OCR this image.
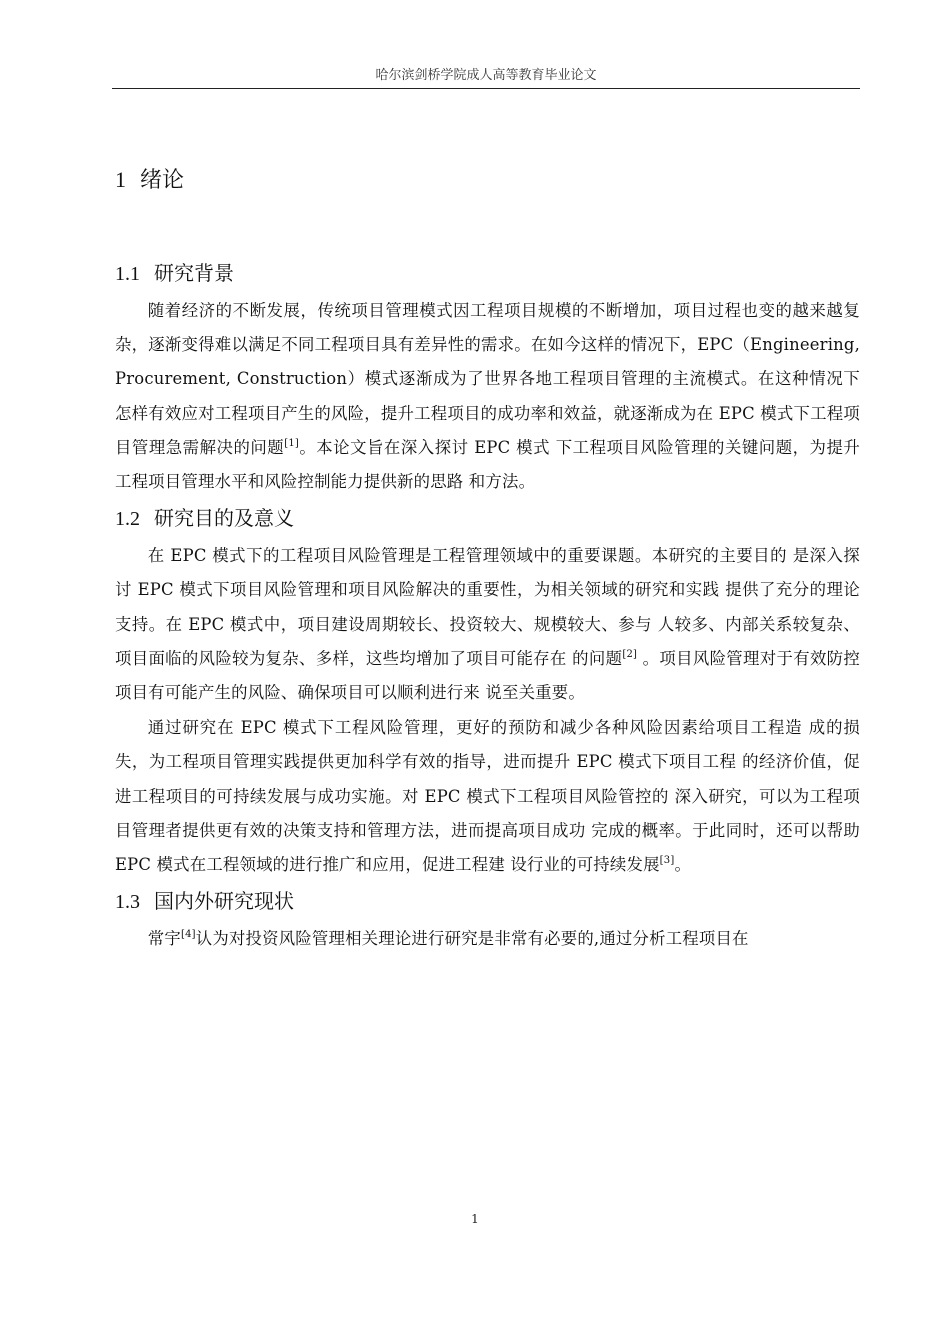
哈尔滨剑桥学院成人高等教育毕业论文
1 绪论
1.1 研究背景

随着经济的不断发展，传统项目管理模式因工程项目规模的不断增加，项目过程也变的越来越复杂，逐渐变得难以满足不同工程项目具有差异性的需求。在如今这样的情况下，EPC（Engineering, Procurement, Construction）模式逐渐成为了世界各地工程项目管理的主流模式。在这种情况下怎样有效应对工程项目产生的风险，提升工程项目的成功率和效益，就逐渐成为在 EPC 模式下工程项目管理急需解决的问题[1]。本论文旨在深入探讨 EPC 模式 下工程项目风险管理的关键问题，为提升工程项目管理水平和风险控制能力提供新的思路 和方法。

1.2 研究目的及意义

在 EPC 模式下的工程项目风险管理是工程管理领域中的重要课题。本研究的主要目的 是深入探讨 EPC 模式下项目风险管理和项目风险解决的重要性，为相关领域的研究和实践 提供了充分的理论支持。在 EPC 模式中，项目建设周期较长、投资较大、规模较大、参与 人较多、内部关系较复杂、项目面临的风险较为复杂、多样，这些均增加了项目可能存在 的问题[2] 。项目风险管理对于有效防控项目有可能产生的风险、确保项目可以顺利进行来 说至关重要。

通过研究在 EPC 模式下工程风险管理，更好的预防和减少各种风险因素给项目工程造 成的损失，为工程项目管理实践提供更加科学有效的指导，进而提升 EPC 模式下项目工程 的经济价值，促进工程项目的可持续发展与成功实施。对 EPC 模式下工程项目风险管控的 深入研究，可以为工程项目管理者提供更有效的决策支持和管理方法，进而提高项目成功 完成的概率。于此同时，还可以帮助 EPC 模式在工程领域的进行推广和应用，促进工程建 设行业的可持续发展[3]。

1.3 国内外研究现状

常宇[4]认为对投资风险管理相关理论进行研究是非常有必要的,通过分析工程项目在

1
